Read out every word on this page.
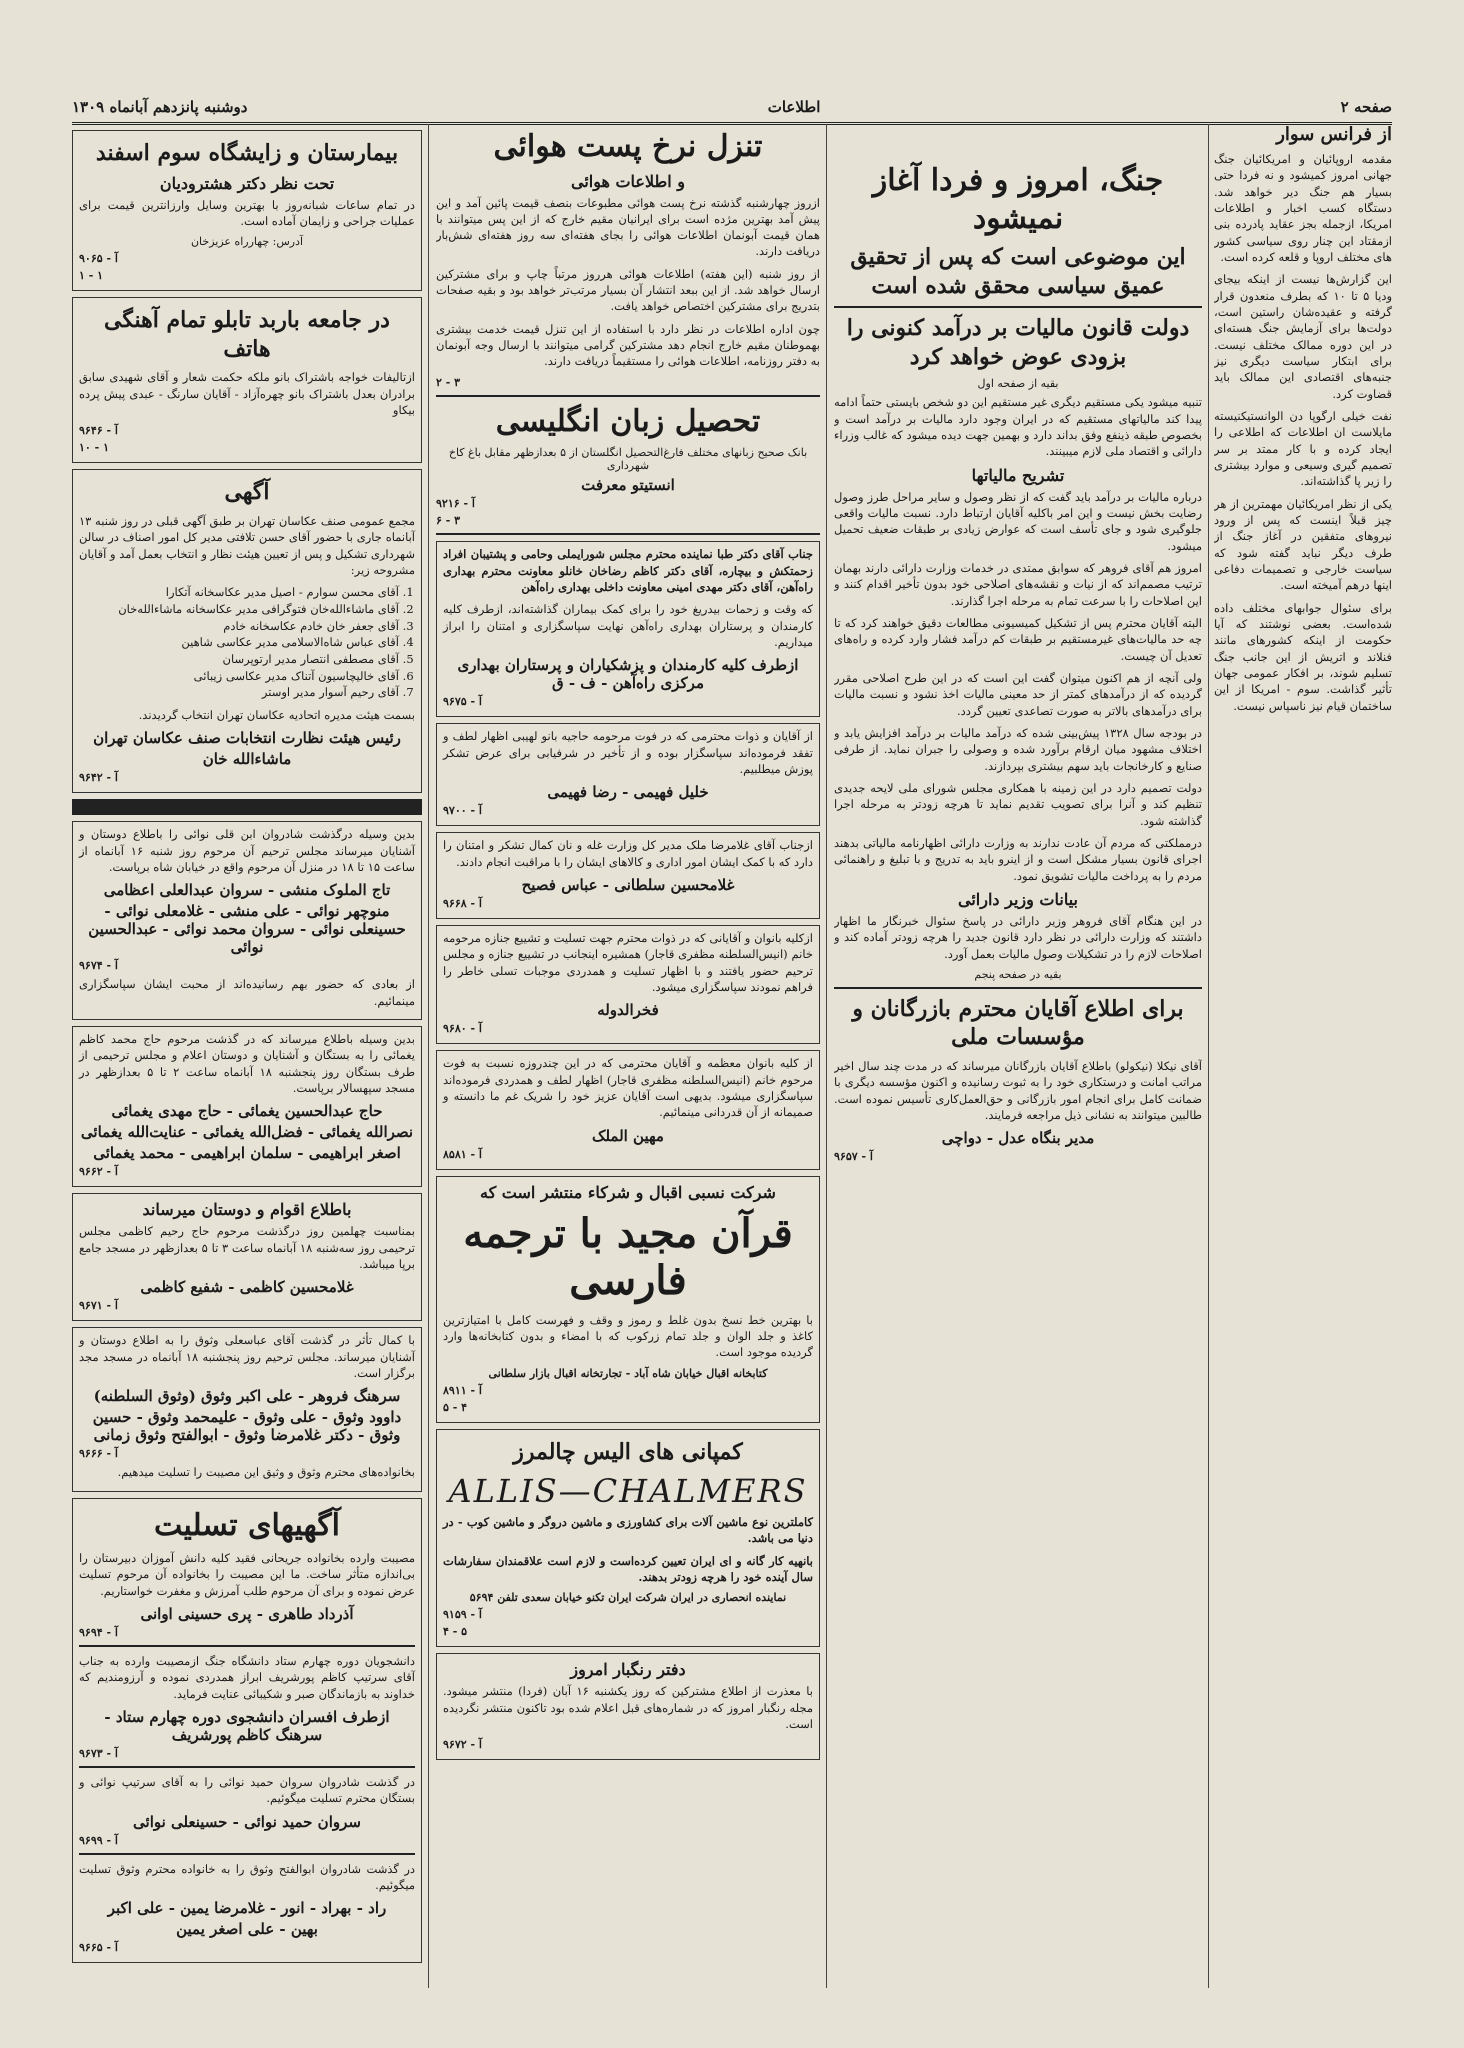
صفحه ۲
اطلاعات
دوشنبه پانزدهم آبانماه ۱۳۰۹
از فرانس سوار

مقدمه اروپائیان و امریکائیان جنگ جهانی امروز کمیشود و نه فردا حتی بسیار هم جنگ دیر خواهد شد. دستگاه کسب اخبار و اطلاعات امریکا، ازجمله بجز عقاید پادرده بنی ازمقتاد این چنار روی سیاسی کشور های مختلف اروپا و قلعه کرده است.

این گزارش‌ها نیست از اینکه بیجای ودیا ۵ تا ۱۰ که بطرف منعدون قرار گرفته و عقیده‌شان راستین است، دولت‌ها برای آزمایش جنگ هسته‌ای در این دوره ممالک مختلف نیست. برای ابتکار سیاست دیگری نیز جنبه‌های اقتصادی این ممالک باید قضاوت کرد.

نفت خیلی ارگوپا دن الوانستیکنیسته مایلاست ان اطلاعات که اطلاعی را ایجاد کرده و با کار ممتد بر سر تصمیم گیری وسیعی و موارد بیشتری را زیر پا گذاشته‌اند.

یکی از نظر امریکائیان مهمترین از هر چیز قبلاً اینست که پس از ورود نیروهای متفقین در آغاز جنگ از طرف دیگر نباید گفته شود که سیاست خارجی و تصمیمات دفاعی اینها درهم آمیخته است.

برای سئوال جوابهای مختلف داده شده‌است. بعضی نوشتند که آیا حکومت از اینکه کشورهای مانند فنلاند و اتریش از این جانب جنگ تسلیم شوند، بر افکار عمومی جهان تأثیر گذاشت. سوم ‑ امریکا از این ساختمان قیام نیز ناسپاس نیست.

جنگ، امروز و فردا آغاز نمیشود
این موضوعی است که پس از تحقیق عمیق سیاسی محقق شده است
دولت قانون مالیات بر درآمد کنونی را بزودی عوض خواهد کرد
بقیه از صفحه اول

تنبیه میشود یکی مستقیم دیگری غیر مستقیم این دو شخص بایستی حتماً ادامه پیدا کند مالیاتهای مستقیم که در ایران وجود دارد مالیات بر درآمد است و بخصوص طبقه ذینفع وفق بداند دارد و بهمین جهت دیده میشود که غالب وزراء دارائی و اقتصاد ملی لازم میبینند.

تشریح مالیاتها

درباره مالیات بر درآمد باید گفت که از نظر وصول و سایر مراحل طرز وصول رضایت بخش نیست و این امر باکلیه آقایان ارتباط دارد. نسبت مالیات واقعی جلوگیری شود و جای تأسف است که عوارض زیادی بر طبقات ضعیف تحمیل میشود.

امروز هم آقای فروهر که سوابق ممتدی در خدمات وزارت دارائی دارند بهمان ترتیب مصمم‌اند که از نیات و نقشه‌های اصلاحی خود بدون تأخیر اقدام کنند و این اصلاحات را با سرعت تمام به مرحله اجرا گذارند.

البته آقایان محترم پس از تشکیل کمیسیونی مطالعات دقیق خواهند کرد که تا چه حد مالیات‌های غیرمستقیم بر طبقات کم درآمد فشار وارد کرده و راه‌های تعدیل آن چیست.

ولی آنچه از هم اکنون میتوان گفت این است که در این طرح اصلاحی مقرر گردیده که از درآمدهای کمتر از حد معینی مالیات اخذ نشود و نسبت مالیات برای درآمدهای بالاتر به صورت تصاعدی تعیین گردد.

در بودجه سال ۱۳۲۸ پیش‌بینی شده که درآمد مالیات بر درآمد افزایش یابد و اختلاف مشهود میان ارقام برآورد شده و وصولی را جبران نماید. از طرفی صنایع و کارخانجات باید سهم بیشتری بپردازند.

دولت تصمیم دارد در این زمینه با همکاری مجلس شورای ملی لایحه جدیدی تنظیم کند و آنرا برای تصویب تقدیم نماید تا هرچه زودتر به مرحله اجرا گذاشته شود.

درمملکتی که مردم آن عادت ندارند به وزارت دارائی اظهارنامه مالیاتی بدهند اجرای قانون بسیار مشکل است و از اینرو باید به تدریج و با تبلیغ و راهنمائی مردم را به پرداخت مالیات تشویق نمود.

بیانات وزیر دارائی

در این هنگام آقای فروهر وزیر دارائی در پاسخ سئوال خبرنگار ما اظهار داشتند که وزارت دارائی در نظر دارد قانون جدید را هرچه زودتر آماده کند و اصلاحات لازم را در تشکیلات وصول مالیات بعمل آورد.

بقیه در صفحه پنجم
برای اطلاع آقایان محترم بازرگانان و مؤسسات ملی

آقای نیکلا (نیکولو) باطلاع آقایان بازرگانان میرساند که در مدت چند سال اخیر مراتب امانت و درستکاری خود را به ثبوت رسانیده و اکنون مؤسسه دیگری با ضمانت کامل برای انجام امور بازرگانی و حق‌العمل‌کاری تأسیس نموده است. طالبین میتوانند به نشانی ذیل مراجعه فرمایند.

مدیر بنگاه عدل ‑ دواچی
آ ‑ ۹۶۵۷
تنزل نرخ پست هوائی
و اطلاعات هوائی

ازروز چهارشنبه گذشته نرخ پست هوائی مطبوعات بنصف قیمت پائین آمد و این پیش آمد بهترین مژده است برای ایرانیان مقیم خارج که از این پس میتوانند با همان قیمت آبونمان اطلاعات هوائی را بجای هفته‌ای سه روز هفته‌ای شش‌بار دریافت دارند.

از روز شنبه (این هفته) اطلاعات هوائی هرروز مرتباً چاپ و برای مشترکین ارسال خواهد شد. از این ببعد انتشار آن بسیار مرتب‌تر خواهد بود و بقیه صفحات بتدریج برای مشترکین اختصاص خواهد یافت.

چون اداره اطلاعات در نظر دارد با استفاده از این تنزل قیمت خدمت بیشتری بهموطنان مقیم خارج انجام دهد مشترکین گرامی میتوانند با ارسال وجه آبونمان به دفتر روزنامه، اطلاعات هوائی را مستقیماً دریافت دارند.

۳ ‑ ۲
تحصیل زبان انگلیسی
بانک صحیح زبانهای مختلف فارغ‌التحصیل انگلستان از ۵ بعدازظهر مقابل باغ کاخ شهرداری
انستیتو معرفت
آ ‑ ۹۲۱۶
۳ ‑ ۶

جناب آقای دکتر طبا نماینده محترم مجلس شورایملی وحامی و پشتیبان افراد زحمتکش و بیچاره، آقای دکتر کاظم رضاخان خانلو معاونت محترم بهداری راه‌آهن، آقای دکتر مهدی امینی معاونت داخلی بهداری راه‌آهن

که وقت و زحمات بیدریغ خود را برای کمک بیماران گذاشته‌اند، ازطرف کلیه کارمندان و پرستاران بهداری راه‌آهن نهایت سپاسگزاری و امتنان را ابراز میداریم.

ازطرف کلیه کارمندان و پزشکیاران و پرستاران بهداری مرکزی راه‌آهن ‑ ف ‑ ق
آ ‑ ۹۶۷۵

از آقایان و ذوات محترمی که در فوت مرحومه حاجیه بانو لهیبی اظهار لطف و تفقد فرموده‌اند سپاسگزار بوده و از تأخیر در شرفیابی برای عرض تشکر پوزش میطلبیم.

خلیل فهیمی ‑ رضا فهیمی
آ ‑ ۹۷۰۰

ازجناب آقای غلامرضا ملک مدیر کل وزارت غله و نان کمال تشکر و امتنان را دارد که با کمک ایشان امور اداری و کالاهای ایشان را با مراقبت انجام دادند.

غلامحسین سلطانی ‑ عباس فصیح
آ ‑ ۹۶۶۸

ازکلیه بانوان و آقایانی که در ذوات محترم جهت تسلیت و تشییع جنازه مرحومه خانم (انیس‌السلطنه مظفری قاجار) همشیره اینجانب در تشییع جنازه و مجلس ترحیم حضور یافتند و با اظهار تسلیت و همدردی موجبات تسلی خاطر را فراهم نمودند سپاسگزاری میشود.

فخرالدوله
آ ‑ ۹۶۸۰

از کلیه بانوان معظمه و آقایان محترمی که در این چندروزه نسبت به فوت مرحوم خانم (انیس‌السلطنه مظفری قاجار) اظهار لطف و همدردی فرموده‌اند سپاسگزاری میشود. بدیهی است آقایان عزیز خود را شریک غم ما دانسته و صمیمانه از آن قدردانی مینمائیم.

مهین الملک
آ ‑ ۸۵۸۱
شرکت نسبی اقبال و شرکاء منتشر است که
قرآن مجید با ترجمه فارسی

با بهترین خط نسخ بدون غلط و رموز و وقف و فهرست کامل با امتیازترین کاغذ و جلد الوان و جلد تمام زرکوب که با امضاء و بدون کتابخانه‌ها وارد گردیده موجود است.

کتابخانه اقبال خیابان شاه آباد ‑ تجارتخانه اقبال بازار سلطانی
آ ‑ ۸۹۱۱
۴ ‑ ۵
کمپانی های الیس چالمرز
ALLIS—CHALMERS

کاملترین نوع ماشین آلات برای کشاورزی و ماشین دروگر و ماشین کوب ‑ در دنیا می باشد.

بانهیه کار گانه و ای ایران تعیین کرده‌است و لازم است علاقمندان سفارشات سال آینده خود را هرچه زودتر بدهند.

نماینده انحصاری در ایران شرکت ایران تکنو خیابان سعدی تلفن ۵۶۹۴
آ ‑ ۹۱۵۹
۵ ‑ ۴
دفتر رنگبار امروز

با معذرت از اطلاع مشترکین که روز یکشنبه ۱۶ آبان (فردا) منتشر میشود. مجله رنگبار امروز که در شماره‌های قبل اعلام شده بود تاکنون منتشر نگردیده است.

آ ‑ ۹۶۷۲
بیمارستان و زایشگاه سوم اسفند
تحت نظر دکتر هشترودیان

در تمام ساعات شبانه‌روز با بهترین وسایل وارزانترین قیمت برای عملیات جراحی و زایمان آماده است.

آدرس: چهارراه عزیزخان
آ ‑ ۹۰۶۵
۱ ‑ ۱
در جامعه باربد تابلو تمام آهنگی هاتف

ازتالیفات خواجه باشتراک بانو ملکه حکمت شعار و آقای شهیدی سابق برادران بعدل باشتراک بانو چهره‌آزاد ‑ آقایان سارنگ ‑ عبدی پیش پرده بیکاو

آ ‑ ۹۶۴۶
۱ ‑ ۱۰
آگهی

مجمع عمومی صنف عکاسان تهران بر طبق آگهی قبلی در روز شنبه ۱۳ آبانماه جاری با حضور آقای حسن تلافتی مدیر کل امور اصناف در سالن شهرداری تشکیل و پس از تعیین هیئت نظار و انتخاب بعمل آمد و آقایان مشروحه زیر:

1. آقای محسن سوارم ‑ اصیل مدیر عکاسخانه آتکارا
2. آقای ماشاءالله‌خان فتوگرافی مدیر عکاسخانه ماشاءالله‌خان
3. آقای جعفر خان خادم عکاسخانه خادم
4. آقای عباس شاه‌الاسلامی مدیر عکاسی شاهین
5. آقای مصطفی انتصار مدیر ارتوپرسان
6. آقای خالیچاسیون آتناک مدیر عکاسی زیبائی
7. آقای رحیم آسوار مدیر اوستر

بسمت هیئت مدیره اتحادیه عکاسان تهران انتخاب گردیدند.

رئیس هیئت نظارت انتخابات صنف عکاسان تهران
ماشاءالله خان
آ ‑ ۹۶۴۲

بدین وسیله درگذشت شادروان ابن قلی نوائی را باطلاع دوستان و آشنایان میرساند مجلس ترحیم آن مرحوم روز شنبه ۱۶ آبانماه از ساعت ۱۵ تا ۱۸ در منزل آن مرحوم واقع در خیابان شاه برپاست.

تاج الملوک منشی ‑ سروان عبدالعلی اعظامی
منوچهر نوائی ‑ علی منشی ‑ غلامعلی نوائی ‑ حسینعلی نوائی ‑ سروان محمد نوائی ‑ عبدالحسین نوائی
آ ‑ ۹۶۷۴

از بعادی که حضور بهم رسانیده‌اند از محبت ایشان سپاسگزاری مینمائیم.

بدین وسیله باطلاع میرساند که در گذشت مرحوم حاج محمد کاظم یغمائی را به بستگان و آشنایان و دوستان اعلام و مجلس ترحیمی از طرف بستگان روز پنجشنبه ۱۸ آبانماه ساعت ۲ تا ۵ بعدازظهر در مسجد سپهسالار برپاست.

حاج عبدالحسین یغمائی ‑ حاج مهدی یغمائی
نصرالله یغمائی ‑ فضل‌الله یغمائی ‑ عنایت‌الله یغمائی
اصغر ابراهیمی ‑ سلمان ابراهیمی ‑ محمد یغمائی
آ ‑ ۹۶۶۲
باطلاع اقوام و دوستان میرساند

بمناسبت چهلمین روز درگذشت مرحوم حاج رحیم کاظمی مجلس ترحیمی روز سه‌شنبه ۱۸ آبانماه ساعت ۳ تا ۵ بعدازظهر در مسجد جامع برپا میباشد.

غلامحسین کاظمی ‑ شفیع کاظمی
آ ‑ ۹۶۷۱

با کمال تأثر در گذشت آقای عباسعلی وثوق را به اطلاع دوستان و آشنایان میرساند. مجلس ترحیم روز پنجشنبه ۱۸ آبانماه در مسجد مجد برگزار است.

سرهنگ فروهر ‑ علی اکبر وثوق (وثوق السلطنه)
داوود وثوق ‑ علی وثوق ‑ علیمحمد وثوق ‑ حسین وثوق ‑ دکتر غلامرضا وثوق ‑ ابوالفتح وثوق زمانی
آ ‑ ۹۶۶۶

بخانواده‌های محترم وثوق و وثیق این مصیبت را تسلیت میدهیم.

آگهیهای تسلیت

مصیبت وارده بخانواده ‌جریحانی فقید کلیه دانش آموزان دبیرستان را بی‌اندازه متأثر ساخت. ما این مصیبت را بخانواده آن مرحوم تسلیت عرض نموده و برای آن مرحوم طلب آمرزش و مغفرت خواستاریم.

آذرداد طاهری ‑ پری حسینی اوانی
آ ‑ ۹۶۹۴

دانشجویان دوره چهارم ستاد دانشگاه جنگ ازمصیبت وارده به جناب آقای سرتیپ کاظم پورشریف ابراز همدردی نموده و آرزومندیم که خداوند به بازماندگان صبر و شکیبائی عنایت فرماید.

ازطرف افسران دانشجوی دوره چهارم ستاد ‑ سرهنگ کاظم پورشریف
آ ‑ ۹۶۷۳

در گذشت شادروان سروان حمید نوائی را به آقای سرتیپ نوائی و بستگان محترم تسلیت میگوئیم.

سروان حمید نوائی ‑ حسینعلی نوائی
آ ‑ ۹۶۹۹

در گذشت شادروان ابوالفتح وثوق را به خانواده محترم وثوق تسلیت میگوئیم.

راد ‑ بهراد ‑ انور ‑ غلامرضا یمین ‑ علی اکبر
بهین ‑ علی اصغر یمین
آ ‑ ۹۶۶۵
